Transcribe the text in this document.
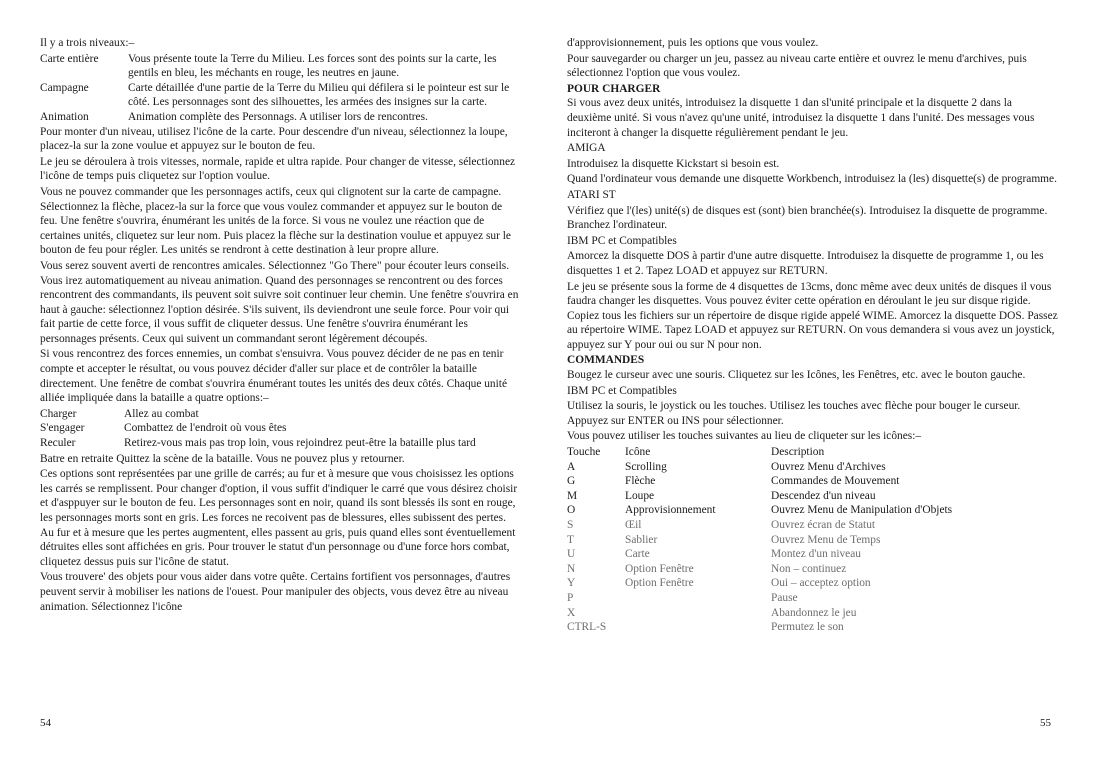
Il y a trois niveaux:–

Carte entière	Vous présente toute la Terre du Milieu. Les forces sont des points sur la carte, les gentils en bleu, les méchants en rouge, les neutres en jaune.
Campagne	Carte détaillée d'une partie de la Terre du Milieu qui défilera si le pointeur est sur le côté. Les personnages sont des silhouettes, les armées des insignes sur la carte.
Animation	Animation complète des Personnags. A utiliser lors de rencontres.

Pour monter d'un niveau, utilisez l'icône de la carte. Pour descendre d'un niveau, sélectionnez la loupe, placez-la sur la zone voulue et appuyez sur le bouton de feu.

Le jeu se déroulera à trois vitesses, normale, rapide et ultra rapide. Pour changer de vitesse, sélectionnez l'icône de temps puis cliquetez sur l'option voulue.

Vous ne pouvez commander que les personnages actifs, ceux qui clignotent sur la carte de campagne. Sélectionnez la flèche, placez-la sur la force que vous voulez commander et appuyez sur le bouton de feu. Une fenêtre s'ouvrira, énumérant les unités de la force. Si vous ne voulez une réaction que de certaines unités, cliquetez sur leur nom. Puis placez la flèche sur la destination voulue et appuyez sur le bouton de feu pour régler. Les unités se rendront à cette destination à leur propre allure.

Vous serez souvent averti de rencontres amicales. Sélectionnez "Go There" pour écouter leurs conseils. Vous irez automatiquement au niveau animation. Quand des personnages se rencontrent ou des forces rencontrent des commandants, ils peuvent soit suivre soit continuer leur chemin. Une fenêtre s'ouvrira en haut à gauche: sélectionnez l'option désirée. S'ils suivent, ils deviendront une seule force. Pour voir qui fait partie de cette force, il vous suffit de cliqueter dessus. Une fenêtre s'ouvrira énumérant les personnages présents. Ceux qui suivent un commandant seront légèrement découpés.

Si vous rencontrez des forces ennemies, un combat s'ensuivra. Vous pouvez décider de ne pas en tenir compte et accepter le résultat, ou vous pouvez décider d'aller sur place et de contrôler la bataille directement. Une fenêtre de combat s'ouvrira énumérant toutes les unités des deux côtés. Chaque unité alliée impliquée dans la bataille a quatre options:–

Charger	Allez au combat
S'engager	Combattez de l'endroit où vous êtes
Reculer	Retirez-vous mais pas trop loin, vous rejoindrez peut-être la bataille plus tard

Batre en retraite Quittez la scène de la bataille. Vous ne pouvez plus y retourner.

Ces options sont représentées par une grille de carrés; au fur et à mesure que vous choisissez les options les carrés se remplissent. Pour changer d'option, il vous suffit d'indiquer le carré que vous désirez choisir et d'asppuyer sur le bouton de feu. Les personnages sont en noir, quand ils sont blessés ils sont en rouge, les personnages morts sont en gris. Les forces ne recoivent pas de blessures, elles subissent des pertes. Au fur et à mesure que les pertes augmentent, elles passent au gris, puis quand elles sont éventuellement détruites elles sont affichées en gris. Pour trouver le statut d'un personnage ou d'une force hors combat, cliquetez dessus puis sur l'icône de statut.

Vous trouvere' des objets pour vous aider dans votre quête. Certains fortifient vos personnages, d'autres peuvent servir à mobiliser les nations de l'ouest. Pour manipuler des objects, vous devez être au niveau animation. Sélectionnez l'icône

d'approvisionnement, puis les options que vous voulez.

Pour sauvegarder ou charger un jeu, passez au niveau carte entière et ouvrez le menu d'archives, puis sélectionnez l'option que vous voulez.

POUR CHARGER

Si vous avez deux unités, introduisez la disquette 1 dan sl'unité principale et la disquette 2 dans la deuxième unité. Si vous n'avez qu'une unité, introduisez la disquette 1 dans l'unité. Des messages vous inciteront à changer la disquette régulièrement pendant le jeu.

AMIGA

Introduisez la disquette Kickstart si besoin est.

Quand l'ordinateur vous demande une disquette Workbench, introduisez la (les) disquette(s) de programme.

ATARI ST

Vérifiez que l'(les) unité(s) de disques est (sont) bien branchée(s). Introduisez la disquette de programme. Branchez l'ordinateur.

IBM PC et Compatibles

Amorcez la disquette DOS à partir d'une autre disquette. Introduisez la disquette de programme 1, ou les disquettes 1 et 2. Tapez LOAD et appuyez sur RETURN.

Le jeu se présente sous la forme de 4 disquettes de 13cms, donc même avec deux unités de disques il vous faudra changer les disquettes. Vous pouvez éviter cette opération en déroulant le jeu sur disque rigide. Copiez tous les fichiers sur un répertoire de disque rigide appelé WIME. Amorcez la disquette DOS. Passez au répertoire WIME. Tapez LOAD et appuyez sur RETURN. On vous demandera si vous avez un joystick, appuyez sur Y pour oui ou sur N pour non.

COMMANDES

Bougez le curseur avec une souris. Cliquetez sur les Icônes, les Fenêtres, etc. avec le bouton gauche.

IBM PC et Compatibles

Utilisez la souris, le joystick ou les touches. Utilisez les touches avec flèche pour bouger le curseur. Appuyez sur ENTER ou INS pour sélectionner.

Vous pouvez utiliser les touches suivantes au lieu de cliqueter sur les icônes:–

Touche	Icône	Description
A	Scrolling	Ouvrez Menu d'Archives
G	Flèche	Commandes de Mouvement
M	Loupe	Descendez d'un niveau
O	Approvisionnement	Ouvrez Menu de Manipulation d'Objets
S	Œil	Ouvrez écran de Statut
T	Sablier	Ouvrez Menu de Temps
U	Carte	Montez d'un niveau
N	Option Fenêtre	Non – continuez
Y	Option Fenêtre	Oui – acceptez option
P		Pause
X		Abandonnez le jeu
CTRL-S		Permutez le son
54	55
